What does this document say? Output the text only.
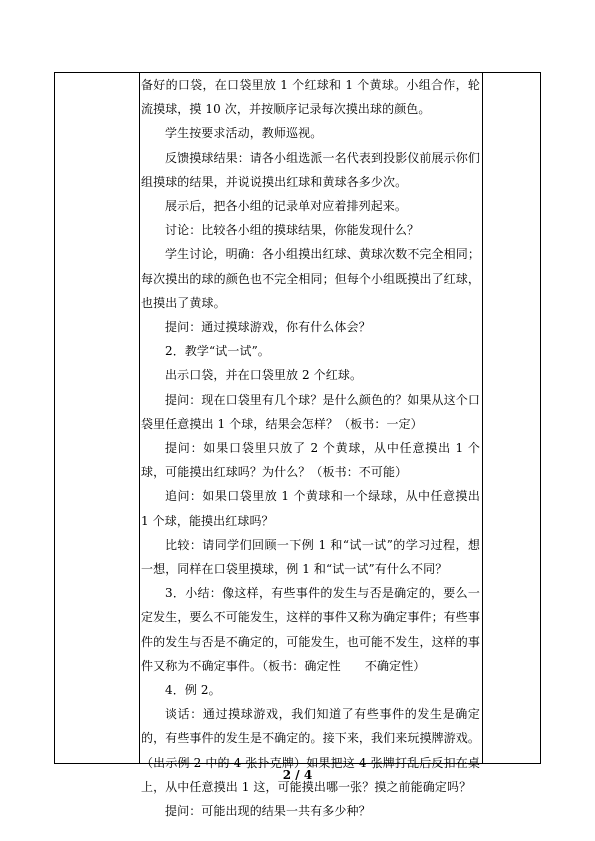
备好的口袋，在口袋里放 1 个红球和 1 个黄球。小组合作，轮流摸球，摸 10 次，并按顺序记录每次摸出球的颜色。

学生按要求活动，教师巡视。

反馈摸球结果：请各小组选派一名代表到投影仪前展示你们组摸球的结果，并说说摸出红球和黄球各多少次。

展示后，把各小组的记录单对应着排列起来。

讨论：比较各小组的摸球结果，你能发现什么？

学生讨论，明确：各小组摸出红球、黄球次数不完全相同；每次摸出的球的颜色也不完全相同；但每个小组既摸出了红球，也摸出了黄球。

提问：通过摸球游戏，你有什么体会？

2．教学“试一试”。

出示口袋，并在口袋里放 2 个红球。

提问：现在口袋里有几个球？是什么颜色的？如果从这个口袋里任意摸出 1 个球，结果会怎样？（板书：一定）

提问：如果口袋里只放了 2 个黄球，从中任意摸出 1 个球，可能摸出红球吗？为什么？（板书：不可能）

追问：如果口袋里放 1 个黄球和一个绿球，从中任意摸出 1 个球，能摸出红球吗？

比较：请同学们回顾一下例 1 和“试一试”的学习过程，想一想，同样在口袋里摸球，例 1 和“试一试”有什么不同？

3．小结：像这样，有些事件的发生与否是确定的，要么一定发生，要么不可能发生，这样的事件又称为确定事件；有些事件的发生与否是不确定的，可能发生，也可能不发生，这样的事件又称为不确定事件。（板书：确定性　　不确定性）

4．例 2。

谈话：通过摸球游戏，我们知道了有些事件的发生是确定的，有些事件的发生是不确定的。接下来，我们来玩摸牌游戏。（出示例 2 中的 4 张扑克牌）如果把这 4 张牌打乱后反扣在桌上，从中任意摸出 1 这，可能摸出哪一张？摸之前能确定吗？

提问：可能出现的结果一共有多少种？

2 / 4
